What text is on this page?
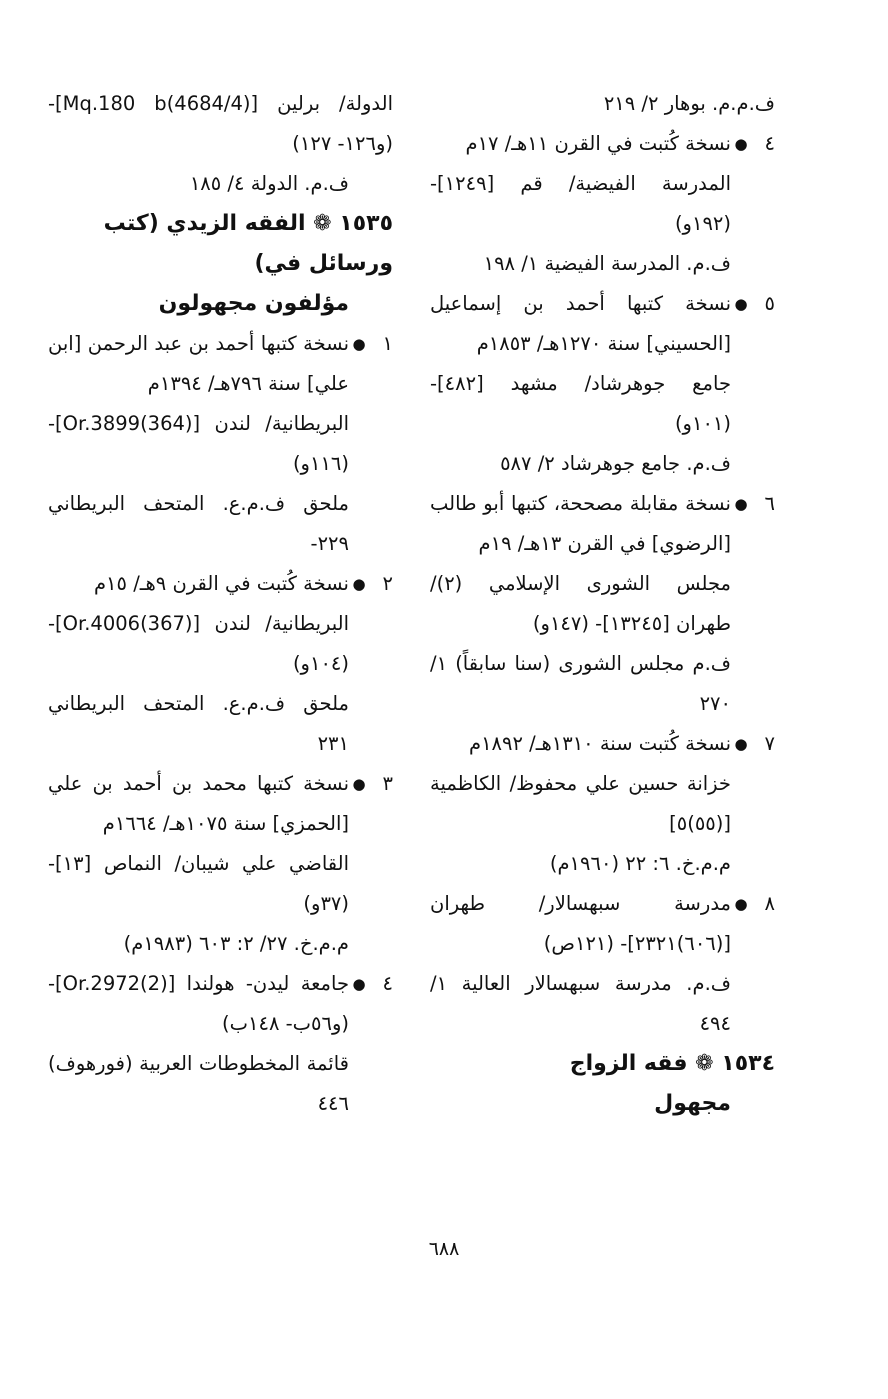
ف.م.م. بوهار ٢/ ٢١٩
٤
●
نسخة كُتبت في القرن ١١هـ/ ١٧م
المدرسة الفيضية/ قم [١٢٤٩]- (١٩٢و)
ف.م. المدرسة الفيضية ١/ ١٩٨
٥
●
نسخة كتبها أحمد بن إسماعيل [الحسيني] سنة ١٢٧٠هـ/ ١٨٥٣م
جامع جوهرشاد/ مشهد [٤٨٢]- (١٠١و)
ف.م. جامع جوهرشاد ٢/ ٥٨٧
٦
●
نسخة مقابلة مصححة، كتبها أبو طالب [الرضوي] في القرن ١٣هـ/ ١٩م
مجلس الشورى الإسلامي (٢)/ طهران [١٣٢٤٥]- (١٤٧و)
ف.م مجلس الشورى (سنا سابقاً) ١/ ٢٧٠
٧
●
نسخة كُتبت سنة ١٣١٠هـ/ ١٨٩٢م
خزانة حسين علي محفوظ/ الكاظمية [(٥٥)٥]
م.م.خ. ٦: ٢٢ (١٩٦٠م)
٨
●
مدرسة سبهسالار/ طهران [(٦٠٦)٢٣٢١]- (١٢١ص)
ف.م. مدرسة سبهسالار العالية ١/ ٤٩٤
١٥٣٤ ❁ فقه الزواج
مجهول
الدولة/ برلين [(4684/4)Mq.180 b]- (و١٢٦- ١٢٧)
ف.م. الدولة ٤/ ١٨٥
١٥٣٥ ❁ الفقه الزيدي (كتب ورسائل في)
مؤلفون مجهولون
١
●
نسخة كتبها أحمد بن عبد الرحمن [ابن علي] سنة ٧٩٦هـ/ ١٣٩٤م
البريطانية/ لندن [(364)Or.3899]- (١١٦و)
ملحق ف.م.ع. المتحف البريطاني ٢٢٩-
٢
●
نسخة كُتبت في القرن ٩هـ/ ١٥م
البريطانية/ لندن [(367)Or.4006]- (١٠٤و)
ملحق ف.م.ع. المتحف البريطاني ٢٣١
٣
●
نسخة كتبها محمد بن أحمد بن علي [الحمزي] سنة ١٠٧٥هـ/ ١٦٦٤م
القاضي علي شيبان/ النماص [١٣]- (٣٧و)
م.م.خ. ٢٧/ ٢: ٦٠٣ (١٩٨٣م)
٤
●
جامعة ليدن- هولندا [Or.2972(2)]- (و٥٦ب- ١٤٨ب)
قائمة المخطوطات العربية (فورهوف) ٤٤٦
٦٨٨
